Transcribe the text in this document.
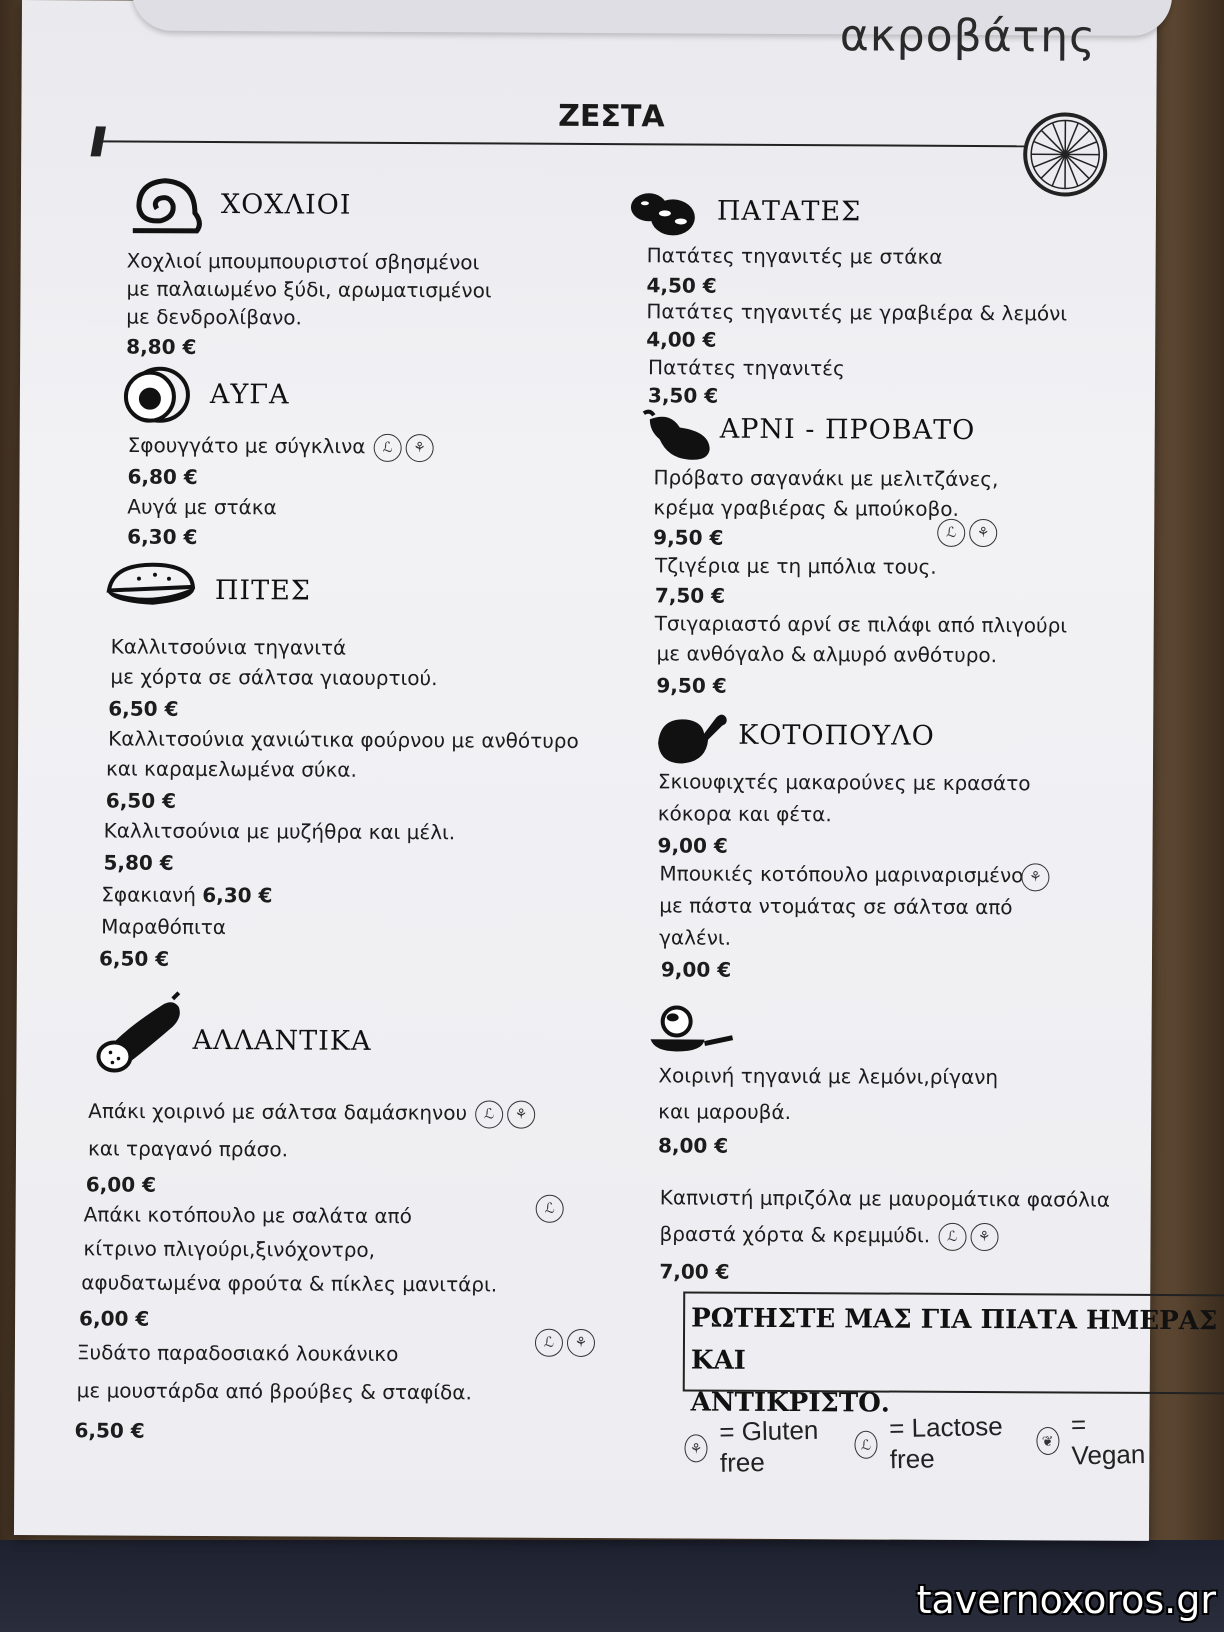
ακροβάτης
ΖΕΣΤΑ
ΧΟΧΛΙΟΙ
Χοχλιοί μπουμπουριστοί σβησμένοι
με παλαιωμένο ξύδι, αρωματισμένοι
με δενδρολίβανο.
8,80 €
ΑΥΓΑ
Σφουγγάτο με σύγκλινα	ℒ	⚘
6,80 €
Αυγά με στάκα
6,30 €
ΠΙΤΕΣ
Καλλιτσούνια τηγανιτά
με χόρτα σε σάλτσα γιαουρτιού.
6,50 €
Καλλιτσούνια χανιώτικα φούρνου με ανθότυρο
και καραμελωμένα σύκα.
6,50 €
Καλλιτσούνια με μυζήθρα και μέλι.
5,80 €
Σφακιανή 6,30 €
Μαραθόπιτα
6,50 €
ΑΛΛΑΝΤΙΚΑ
Απάκι χοιρινό με σάλτσα δαμάσκηνου	ℒ	⚘
και τραγανό πράσο.
6,00 €
Απάκι κοτόπουλο με σαλάτα από	ℒ
κίτρινο πλιγούρι,ξινόχοντρο,
αφυδατωμένα φρούτα & πίκλες μανιτάρι.
6,00 €
Ξυδάτο παραδοσιακό λουκάνικο	ℒ	⚘
με μουστάρδα από βρούβες & σταφίδα.
6,50 €
ΠΑΤΑΤΕΣ
Πατάτες τηγανιτές με στάκα
4,50 €
Πατάτες τηγανιτές με γραβιέρα & λεμόνι
4,00 €
Πατάτες τηγανιτές
3,50 €
ΑΡΝΙ - ΠΡΟΒΑΤΟ
Πρόβατο σαγανάκι με μελιτζάνες,
κρέμα γραβιέρας & μπούκοβο.
9,50 €	ℒ	⚘
Τζιγέρια με τη μπόλια τους.
7,50 €
Τσιγαριαστό αρνί σε πιλάφι από πλιγούρι
με ανθόγαλο & αλμυρό ανθότυρο.
9,50 €
ΚΟΤΟΠΟΥΛΟ
Σκιουφιχτές μακαρούνες με κρασάτο
κόκορα και φέτα.
9,00 €
Μπουκιές κοτόπουλο μαριναρισμένο ⚘
με πάστα ντομάτας σε σάλτσα από
γαλένι.
9,00 €
Χοιρινή τηγανιά με λεμόνι,ρίγανη
και μαρουβά.
8,00 €
Καπνιστή μπριζόλα με μαυρομάτικα φασόλια
βραστά χόρτα & κρεμμύδι.	ℒ	⚘
7,00 €
ΡΩΤΗΣΤΕ ΜΑΣ ΓΙΑ ΠΙΑΤΑ ΗΜΕΡΑΣ ΚΑΙ
ΑΝΤΙΚΡΙΣΤΟ.
⚘
= Gluten free
ℒ
= Lactose free
❦
= Vegan
tavernoxoros.gr
